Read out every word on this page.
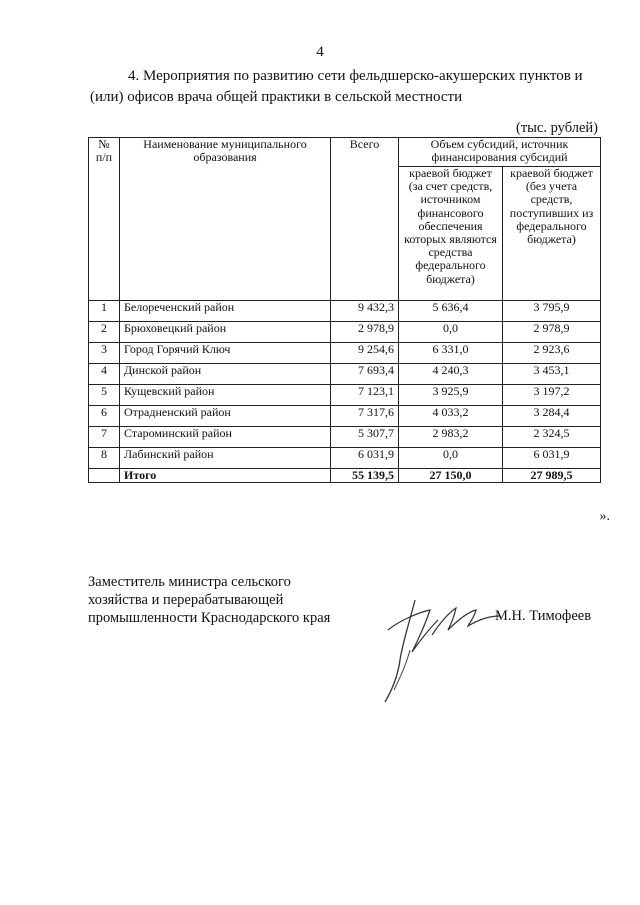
4
4. Мероприятия по развитию сети фельдшерско-акушерских пунктов и
(или) офисов врача общей практики в сельской местности
(тыс. рублей)
№ п/п	Наименование муниципального образования	Всего	Объем субсидий, источник финансирования субсидий	
			краевой бюджет (за счет средств, источником финансового обеспечения которых являются средства федерального бюджета)	краевой бюджет (без учета средств, поступивших из федерального бюджета)
1	Белореченский район	9 432,3	5 636,4	3 795,9
2	Брюховецкий район	2 978,9	0,0	2 978,9
3	Город Горячий Ключ	9 254,6	6 331,0	2 923,6
4	Динской район	7 693,4	4 240,3	3 453,1
5	Кущевский район	7 123,1	3 925,9	3 197,2
6	Отрадненский район	7 317,6	4 033,2	3 284,4
7	Староминский район	5 307,7	2 983,2	2 324,5
8	Лабинский район	6 031,9	0,0	6 031,9
	Итого	55 139,5	27 150,0	27 989,5
».
Заместитель министра сельского
хозяйства и перерабатывающей
промышленности Краснодарского края	М.Н. Тимофеев
